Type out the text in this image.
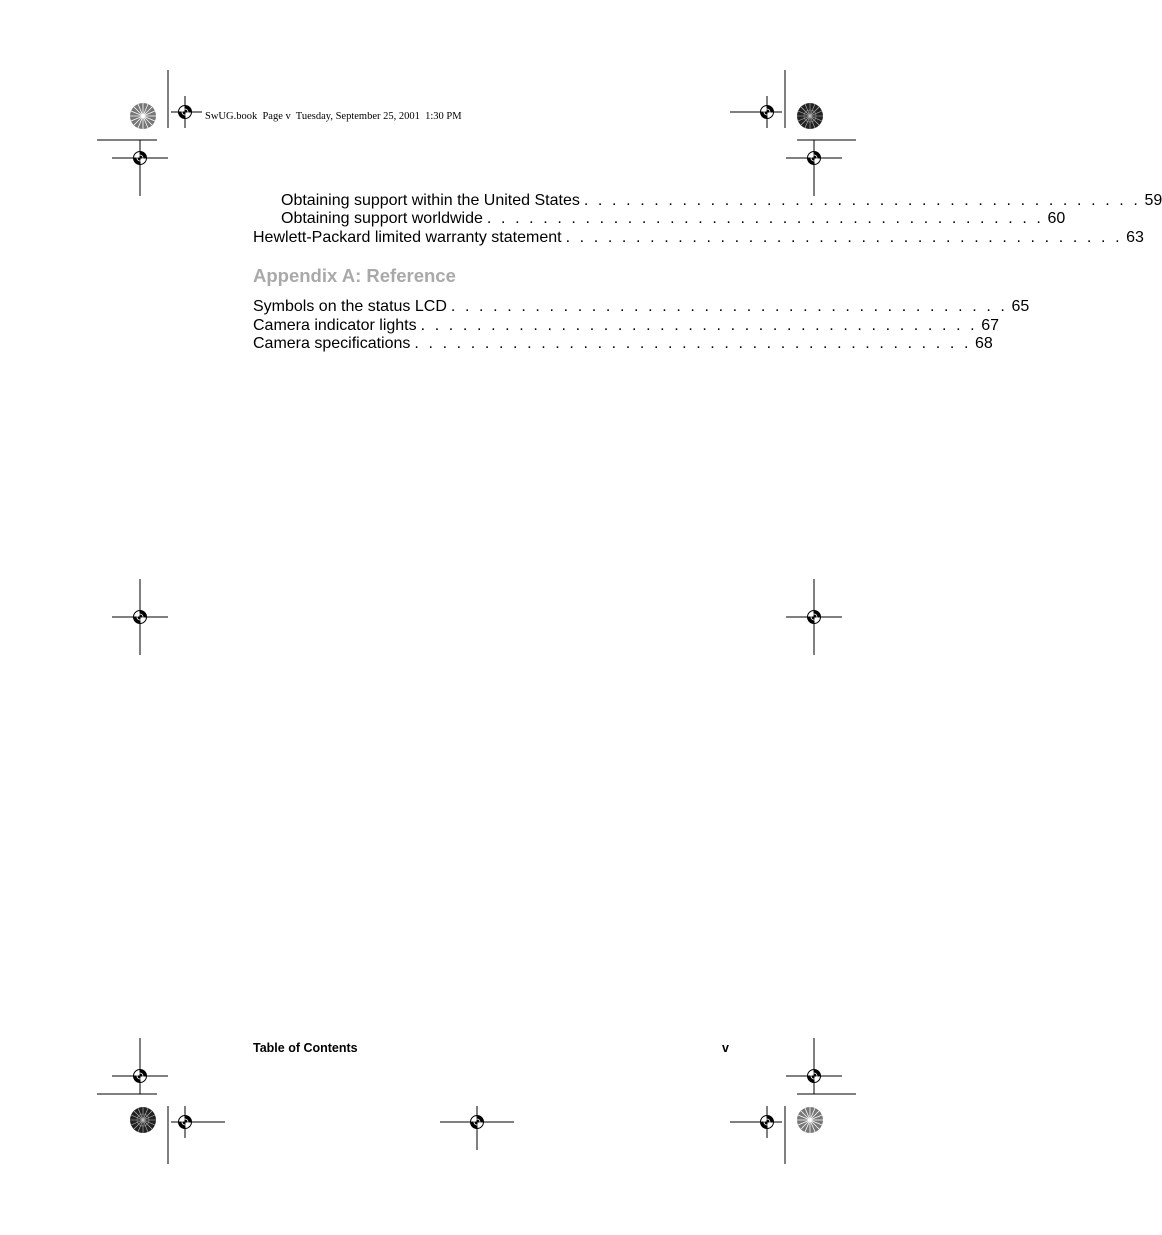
SwUG.book  Page v  Tuesday, September 25, 2001  1:30 PM
Obtaining support within the United States . . . . . . . . . . . . . . . . . . . . . . . . . . . . . . . . . . . . . . . . 59
Obtaining support worldwide . . . . . . . . . . . . . . . . . . . . . . . . . . . . . . . . . . . . . . . . 60
Hewlett-Packard limited warranty statement . . . . . . . . . . . . . . . . . . . . . . . . . . . . . . . . . . . . . . . . 63
Appendix A: Reference
Symbols on the status LCD . . . . . . . . . . . . . . . . . . . . . . . . . . . . . . . . . . . . . . . . 65
Camera indicator lights . . . . . . . . . . . . . . . . . . . . . . . . . . . . . . . . . . . . . . . . 67
Camera specifications . . . . . . . . . . . . . . . . . . . . . . . . . . . . . . . . . . . . . . . . 68
Table of Contents	v
